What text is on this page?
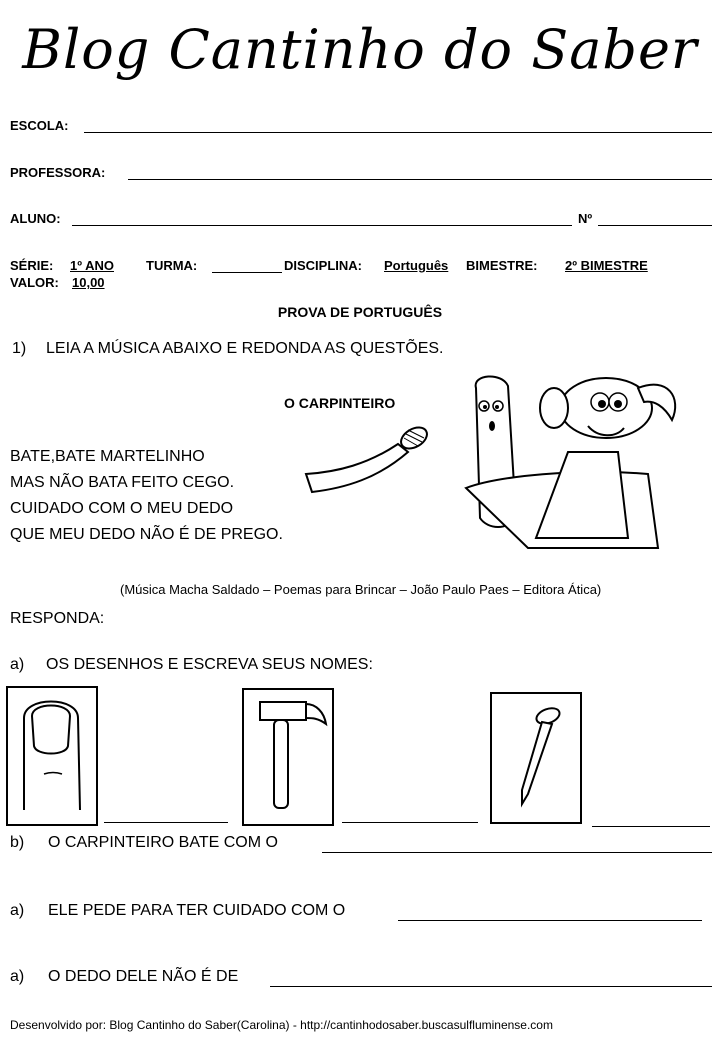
Blog Cantinho do Saber
ESCOLA:
PROFESSORA:
ALUNO:	Nº
SÉRIE: 1º ANO	TURMA:	DISCIPLINA: Português BIMESTRE: 2º BIMESTRE
VALOR: 10,00
PROVA DE PORTUGUÊS
1) LEIA A MÚSICA ABAIXO E REDONDA AS QUESTÕES.
O CARPINTEIRO
BATE,BATE MARTELINHO
MAS NÃO BATA FEITO CEGO.
CUIDADO COM O MEU DEDO
QUE MEU DEDO NÃO É DE PREGO.
(Música Macha Saldado – Poemas para Brincar – João Paulo Paes – Editora Ática)
RESPONDA:
a) OS DESENHOS E ESCREVA SEUS NOMES:
b) O CARPINTEIRO BATE COM O
a) ELE PEDE PARA TER CUIDADO COM O
a) O DEDO DELE NÃO É DE
Desenvolvido por: Blog Cantinho do Saber(Carolina) - http://cantinhodosaber.buscasulfluminense.com
